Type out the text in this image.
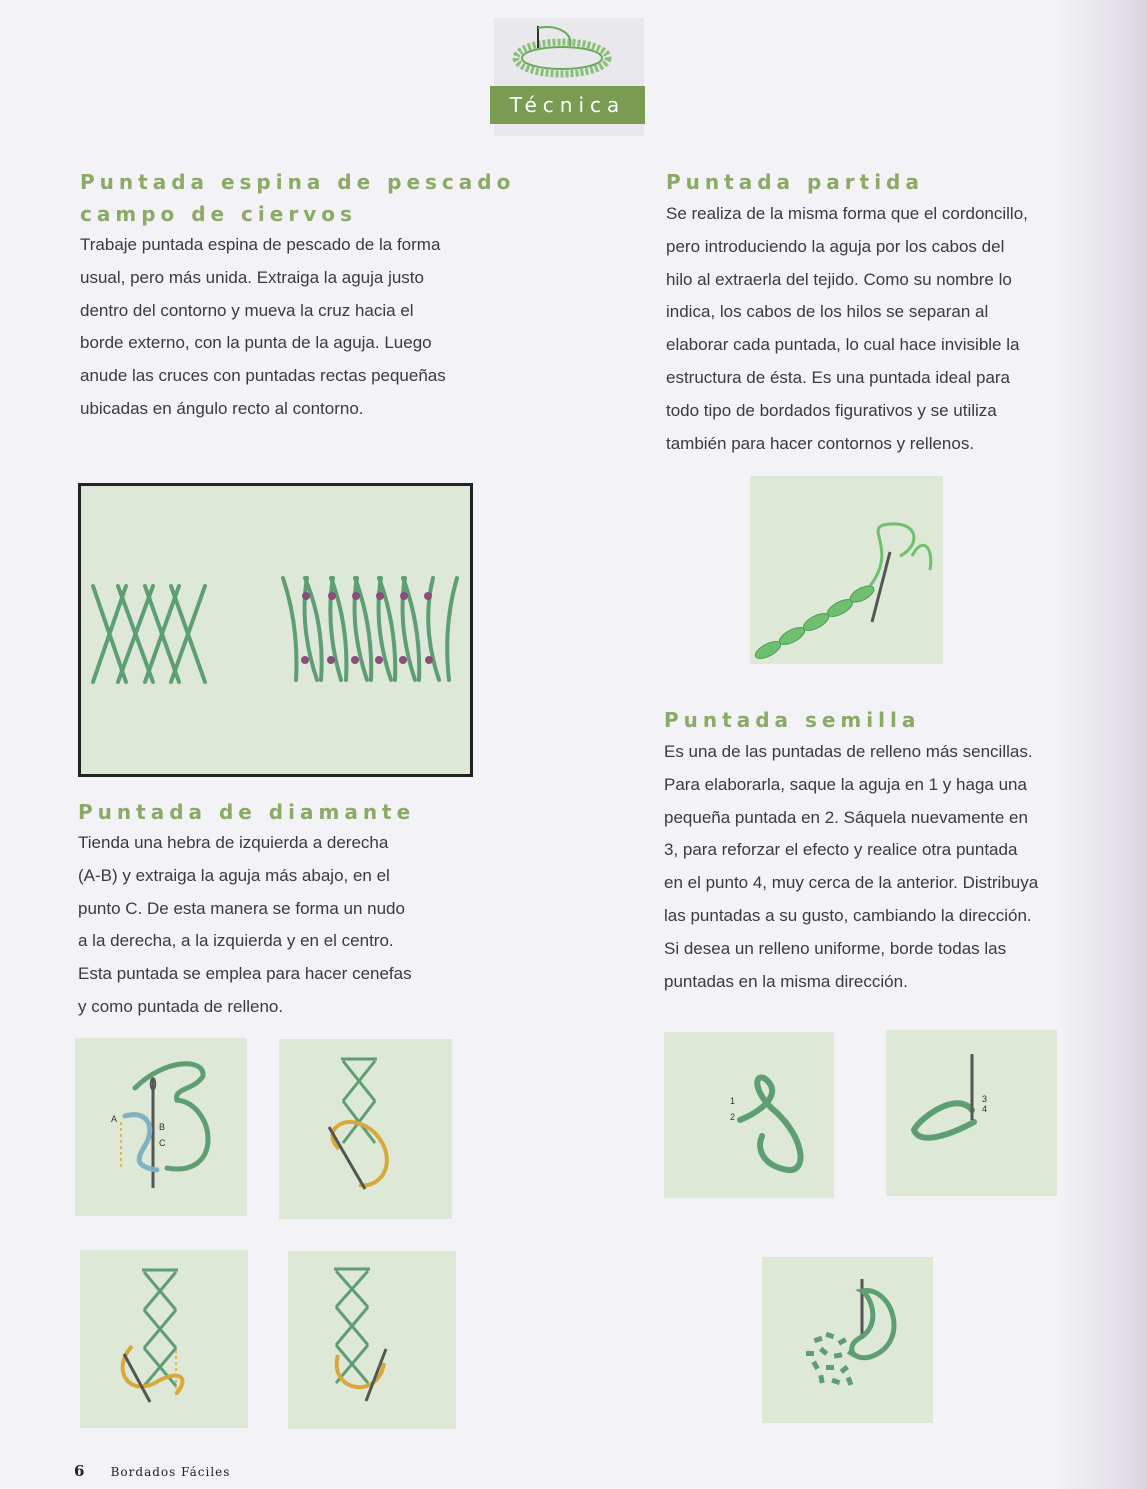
Técnica
Puntada espina de pescado
campo de ciervos
Trabaje puntada espina de pescado de la forma
usual, pero más unida. Extraiga la aguja justo
dentro del contorno y mueva la cruz hacia el
borde externo, con la punta de la aguja. Luego
anude las cruces con puntadas rectas pequeñas
ubicadas en ángulo recto al contorno.
Puntada de diamante
Tienda una hebra de izquierda a derecha
(A-B) y extraiga la aguja más abajo, en el
punto C. De esta manera se forma un nudo
a la derecha, a la izquierda y en el centro.
Esta puntada se emplea para hacer cenefas
y como puntada de relleno.
A
B
C
Puntada partida
Se realiza de la misma forma que el cordoncillo,
pero introduciendo la aguja por los cabos del
hilo al extraerla del tejido. Como su nombre lo
indica, los cabos de los hilos se separan al
elaborar cada puntada, lo cual hace invisible la
estructura de ésta. Es una puntada ideal para
todo tipo de bordados figurativos y se utiliza
también para hacer contornos y rellenos.
Puntada semilla
Es una de las puntadas de relleno más sencillas.
Para elaborarla, saque la aguja en 1 y haga una
pequeña puntada en 2. Sáquela nuevamente en
3, para reforzar el efecto y realice otra puntada
en el punto 4, muy cerca de la anterior. Distribuya
las puntadas a su gusto, cambiando la dirección.
Si desea un relleno uniforme, borde todas las
puntadas en la misma dirección.
1
2
3
4
6 Bordados Fáciles
